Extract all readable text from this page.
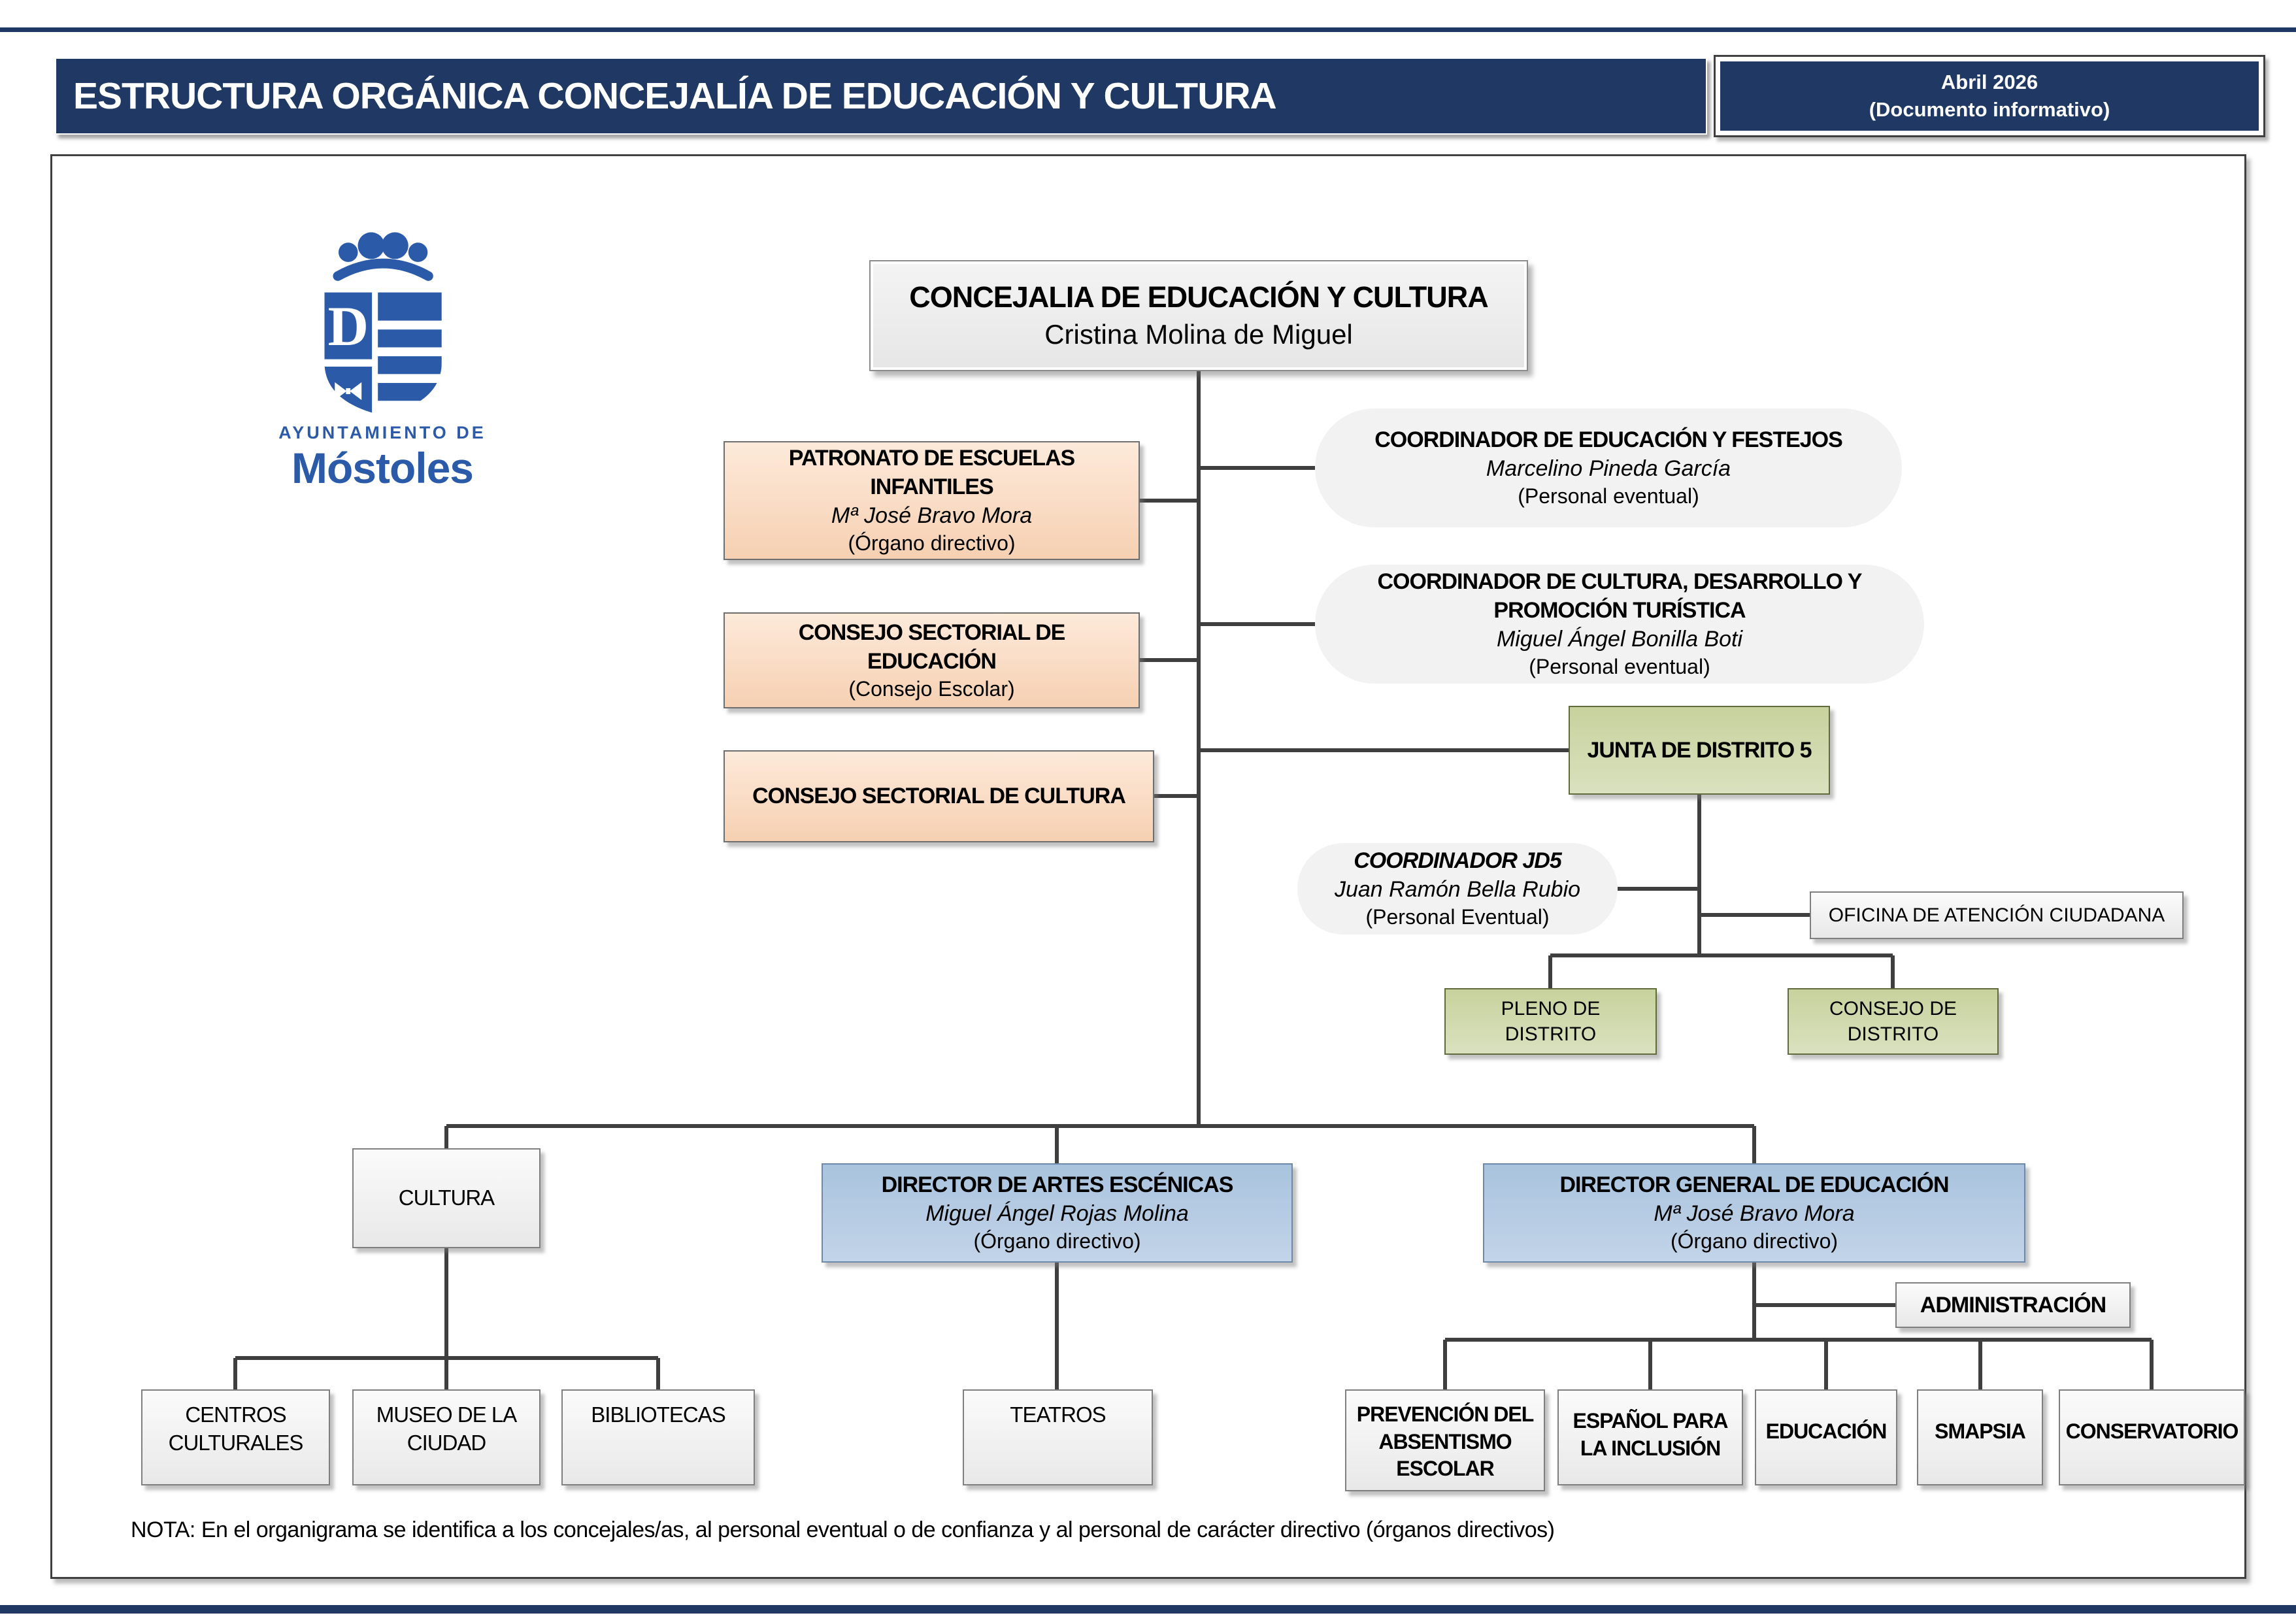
ESTRUCTURA ORGÁNICA CONCEJALÍA DE EDUCACIÓN Y CULTURA	Abril 2026
(Documento informativo)
D
AYUNTAMIENTO DE
Móstoles
CONCEJALIA DE EDUCACIÓN Y CULTURA
Cristina Molina de Miguel
PATRONATO DE ESCUELAS INFANTILES
Mª José Bravo Mora
(Órgano directivo)
CONSEJO SECTORIAL DE EDUCACIÓN
(Consejo Escolar)
CONSEJO SECTORIAL DE CULTURA
COORDINADOR DE EDUCACIÓN Y FESTEJOS
Marcelino Pineda García
(Personal eventual)
COORDINADOR DE CULTURA, DESARROLLO Y PROMOCIÓN TURÍSTICA
Miguel Ángel Bonilla Boti
(Personal eventual)
JUNTA DE DISTRITO 5
COORDINADOR JD5
Juan Ramón Bella Rubio
(Personal Eventual)	OFICINA DE ATENCIÓN CIUDADANA
PLENO DE DISTRITO
CONSEJO DE DISTRITO
CULTURA
DIRECTOR DE ARTES ESCÉNICAS
Miguel Ángel Rojas Molina
(Órgano directivo)
DIRECTOR GENERAL DE EDUCACIÓN
Mª José Bravo Mora
(Órgano directivo)
ADMINISTRACIÓN
CENTROS CULTURALES
MUSEO DE LA CIUDAD
BIBLIOTECAS	TEATROS	PREVENCIÓN DEL ABSENTISMO ESCOLAR
ESPAÑOL PARA LA INCLUSIÓN
EDUCACIÓN SMAPSIA CONSERVATORIO
NOTA: En el organigrama se identifica a los concejales/as, al personal eventual o de confianza y al personal de carácter directivo (órganos directivos)
